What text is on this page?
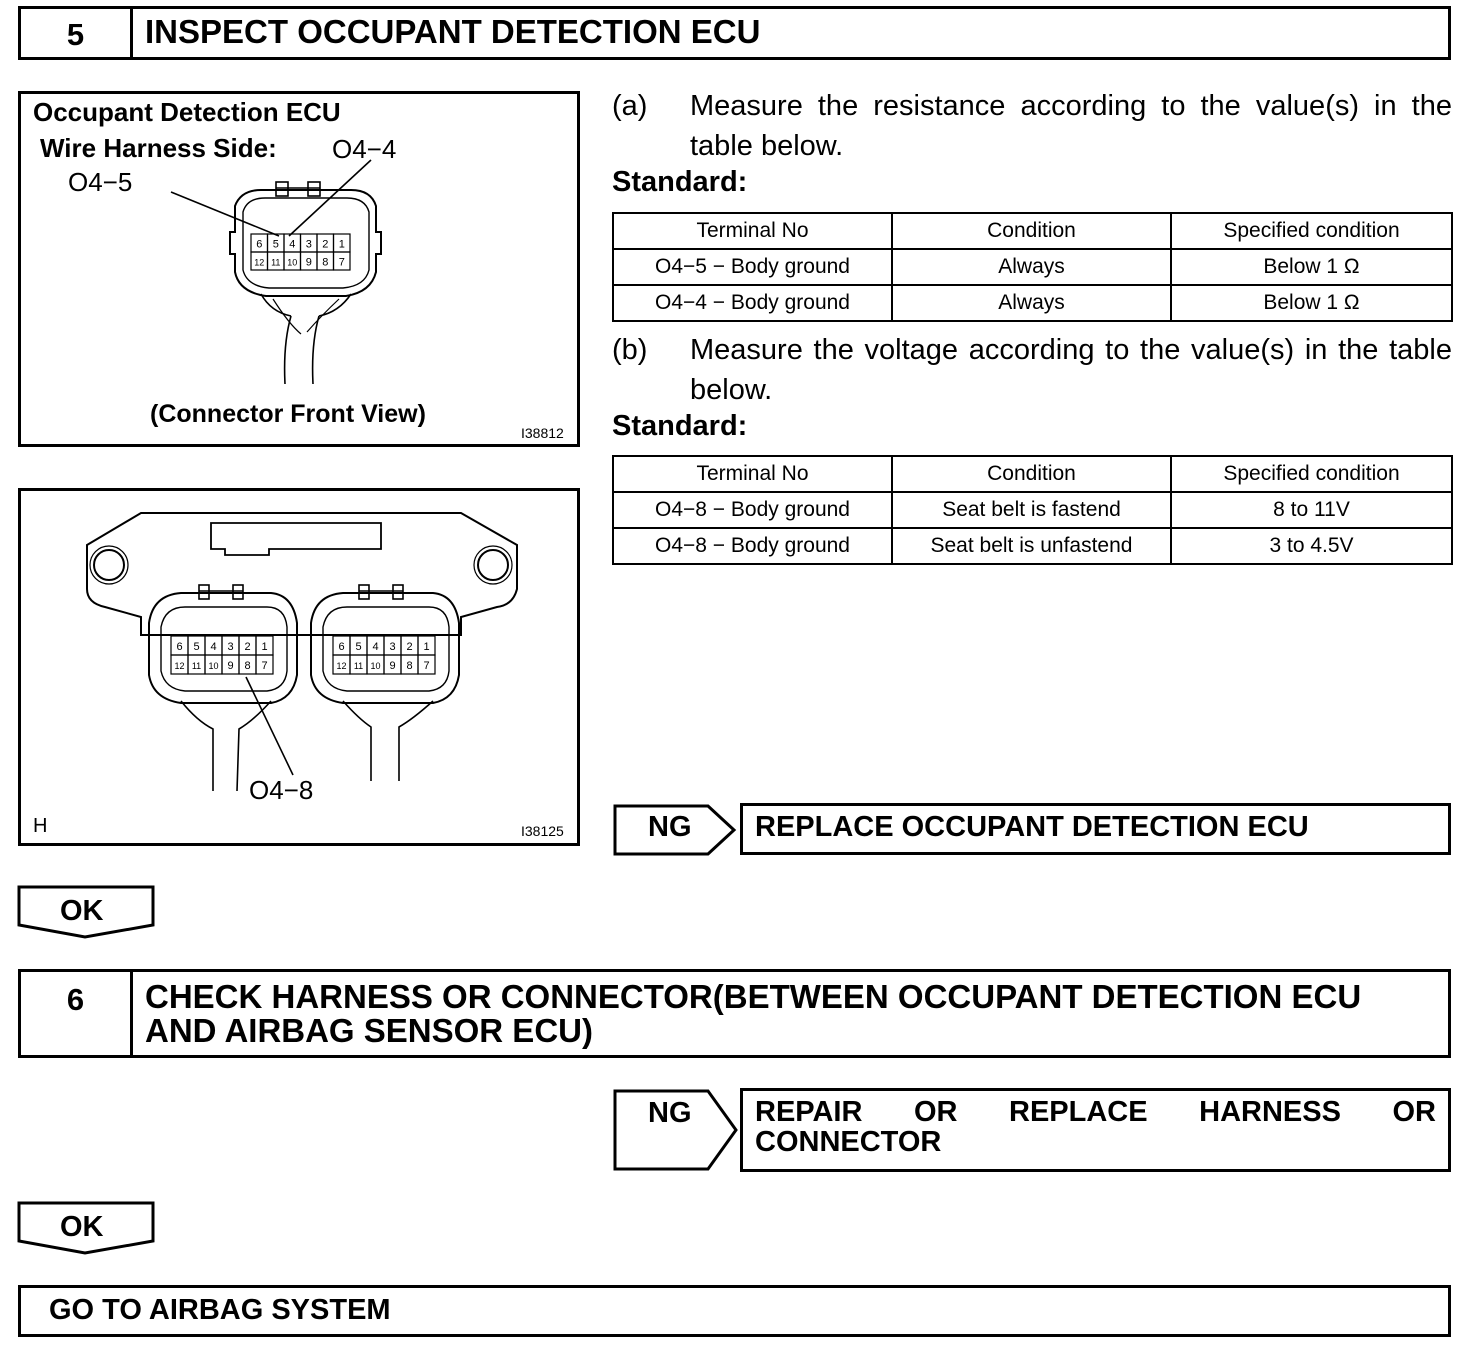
5	INSPECT OCCUPANT DETECTION ECU
Occupant Detection ECU
Wire Harness Side: O4−4
O4−5
6 5 4 3 2 1
12 11 10 9 8 7
(Connector Front View)
I38812
6 5 4 3 2 1
12 11 10 9 8 7
6 5 4 3 2 1
12 11 10 9 8 7
O4−8
H	I38125
(a) Measure the resistance according to the value(s) in the table below.
Standard:
Terminal No	Condition	Specified condition
O4−5 − Body ground	Always	Below 1 Ω
O4−4 − Body ground	Always	Below 1 Ω
(b) Measure the voltage according to the value(s) in the table below.
Standard:
Terminal No	Condition	Specified condition
O4−8 − Body ground	Seat belt is fastend	8 to 11V
O4−8 − Body ground	Seat belt is unfastend	3 to 4.5V
NG	REPLACE OCCUPANT DETECTION ECU
OK
6	CHECK HARNESS OR CONNECTOR(BETWEEN OCCUPANT DETECTION ECU
AND AIRBAG SENSOR ECU)
NG REPAIR OR REPLACE HARNESS OR
CONNECTOR
OK
GO TO AIRBAG SYSTEM
